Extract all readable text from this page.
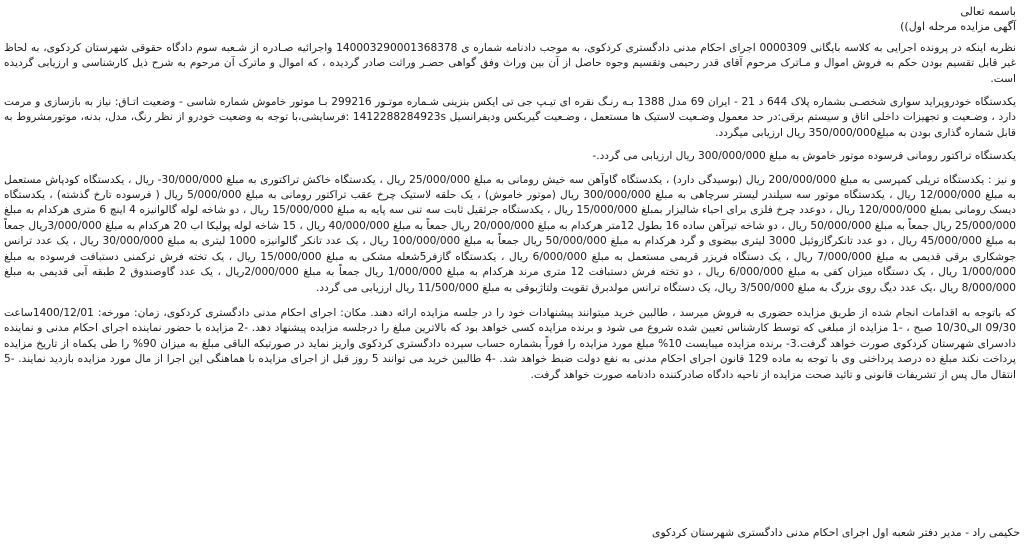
باسمه تعالی

آگهی مزایده مرحله اول))

نظربه اینکه در پرونده اجرایی به کلاسه بایگانی 0000309 اجرای احکام مدنی دادگستری کردکوی، به موجب دادنامه شماره ی 140003290001368378 واجرائیه صـادره از شـعبه سوم دادگاه حقوقی شهرستان کردکوی، به لحاظ غیر قابل تقسیم بودن حکم به فروش اموال و مـاترک مرحوم آقای قدر رحیمی وتقسیم وجوه حاصل از آن بین وراث وفق گواهی حصـر وراثت صادر گردیده ، که اموال و ماترک آن مرحوم به شرح ذیل کارشناسی و ارزیابی گردیده است.

یکدستگاه خودروپراید سواری شخصـی بشماره پلاک 644 د 21 - ایران 69 مدل 1388 بـه رنـگ نقره ای تیـپ جی تی ایکس بنزینی شـماره موتـور 299216 بـا موتور خاموش شماره شاسی - وضعیت اتـاق: نیاز به بازسازی و مرمت دارد ، وضـعیت و تجهیزات داخلی اتاق و سیستم برقی:در حد معمول وضـعیت لاستیک ها مستعمل ، وضـعیت گیربکس ودیفرانسیل 1412288284923s :فرسایشی،با توجه به وضعیت خودرو از نظر رنگ، مدل، بدنه، موتورمشروط به قابل شماره گذاری بودن به مبلغ350/000/000 ریال ارزیابی میگردد.

یکدستگاه تراکتور رومانی فرسوده موتور خاموش به مبلغ 300/000/000 ریال ارزیابی می گردد.-

و نیز : یکدستگاه تریلی کمپرسی به مبلغ 200/000/000 ریال (بوسیدگی دارد) ، یکدستگاه گاوآهن سه خیش رومانی به مبلغ 25/000/000 ریال ، یکدستگاه خاکش تراکتوری به مبلغ 30/000/000- ریال ، یکدستگاه کودپاش مستعمل به مبلغ 12/000/000 ریال ، یکدستگاه موتور سه سیلندر لیستر سرچاهی به مبلغ 300/000/000 ریال (موتور خاموش) ، یک حلقه لاستیک چرخ عقب تراکتور رومانی به مبلغ 5/000/000 ریال ( فرسوده تارخ گذشته) ، یکدستگاه دیسک رومانی بمبلغ 120/000/000 ریال ، دوعدد چرخ فلزی برای احیاء شالیزار بمبلغ 15/000/000 ریال ، یکدستگاه جرثقیل ثابت سه تنی سه پایه به مبلغ 15/000/000 ریال ، دو شاخه لوله گالوانیزه 4 اینچ 6 متری هرکدام به مبلغ 25/000/000 ریال جمعاً به مبلغ 50/000/000 ریال ، دو شاخه تیرآهن ساده 16 بطول 12متر هرکدام به مبلغ 20/000/000 ریال جمعاً به مبلغ 40/000/000 ریال ، 15 شاخه لوله پولیکا اب 20 هرکدام به مبلغ 3/000/000ریال جمعاً به مبلغ 45/000/000 ریال ، دو عدد تانکرگازوئیل 3000 لیتری بیضوی و گرد هرکدام به مبلغ 50/000/000 ریال جمعاً به مبلغ 100/000/000 ریال ، یک عدد تانکر گالوانیزه 1000 لیتری به مبلغ 30/000/000 ریال ، یک عدد ترانس جوشکاری برقی قدیمی به مبلغ 7/000/000 ریال ، یک دستگاه فریزر قریمی مستعمل به مبلغ 6/000/000 ریال ، یکدستگاه گازفر5شعله مشکی به مبلغ 15/000/000 ریال ، یک تخته فرش ترکمنی دستبافت فرسوده به مبلغ 1/000/000 ریال ، یک دستگاه میزان کفی به مبلغ 6/000/000 ریال ، دو تخته فرش دستبافت 12 متری مرند هرکدام به مبلغ 1/000/000 ریال جمعاً به مبلغ 2/000/000ریال ، یک عدد گاوصندوق 2 طبقه آبی قدیمی به مبلغ 8/000/000 ریال ،یک عدد دیگ روی بزرگ به مبلغ 3/500/000 ریال، یک دستگاه ترانس مولدبرق تقویت ولتاژبوقی به مبلغ 11/500/000 ریال ارزیابی می گردد.

که باتوجه به اقدامات انجام شده از طریق مزایده حضوری به فروش میرسد ، طالبین خرید میتوانند پیشنهادات خود را در جلسه مزایده ارائه دهند. مکان: اجرای احکام مدنی دادگستری کردکوی، زمان: مورخه: 1400/12/01ساعت 09/30 الی10/30 صبح ، -1 مزایده از مبلغی که توسط کارشناس تعیین شده شروع می شود و برنده مزایده کسی خواهد بود که بالاترین مبلغ را درجلسه مزایده پیشنهاد دهد. -2 مزایده با حضور نماینده اجرای احکام مدنی و نماینده دادسرای شهرستان کردکوی صورت خواهد گرفت.3- برنده مزایده میبایست 10% مبلغ مورد مزایده را فوراً بشماره حساب سپرده دادگستری کردکوی واریز نماید در صورتیکه الباقی مبلغ به میزان 90% را طی یکماه از تاریخ مزایده پرداخت نکند مبلغ ده درصد پرداختی وی با توجه به ماده 129 قانون اجرای احکام مدنی به نفع دولت ضبط خواهد شد. -4 طالبین خرید می توانند 5 روز قبل از اجرای مزایده با هماهنگی این اجرا از مال مورد مزایده بازدید نمایند. -5 انتقال مال پس از تشریفات قانونی و تائید صحت مزایده از ناحیه دادگاه صادرکننده دادنامه صورت خواهد گرفت.

حکیمی راد - مدیر دفتر شعبه اول اجرای احکام مدنی دادگستری شهرستان کردکوی
